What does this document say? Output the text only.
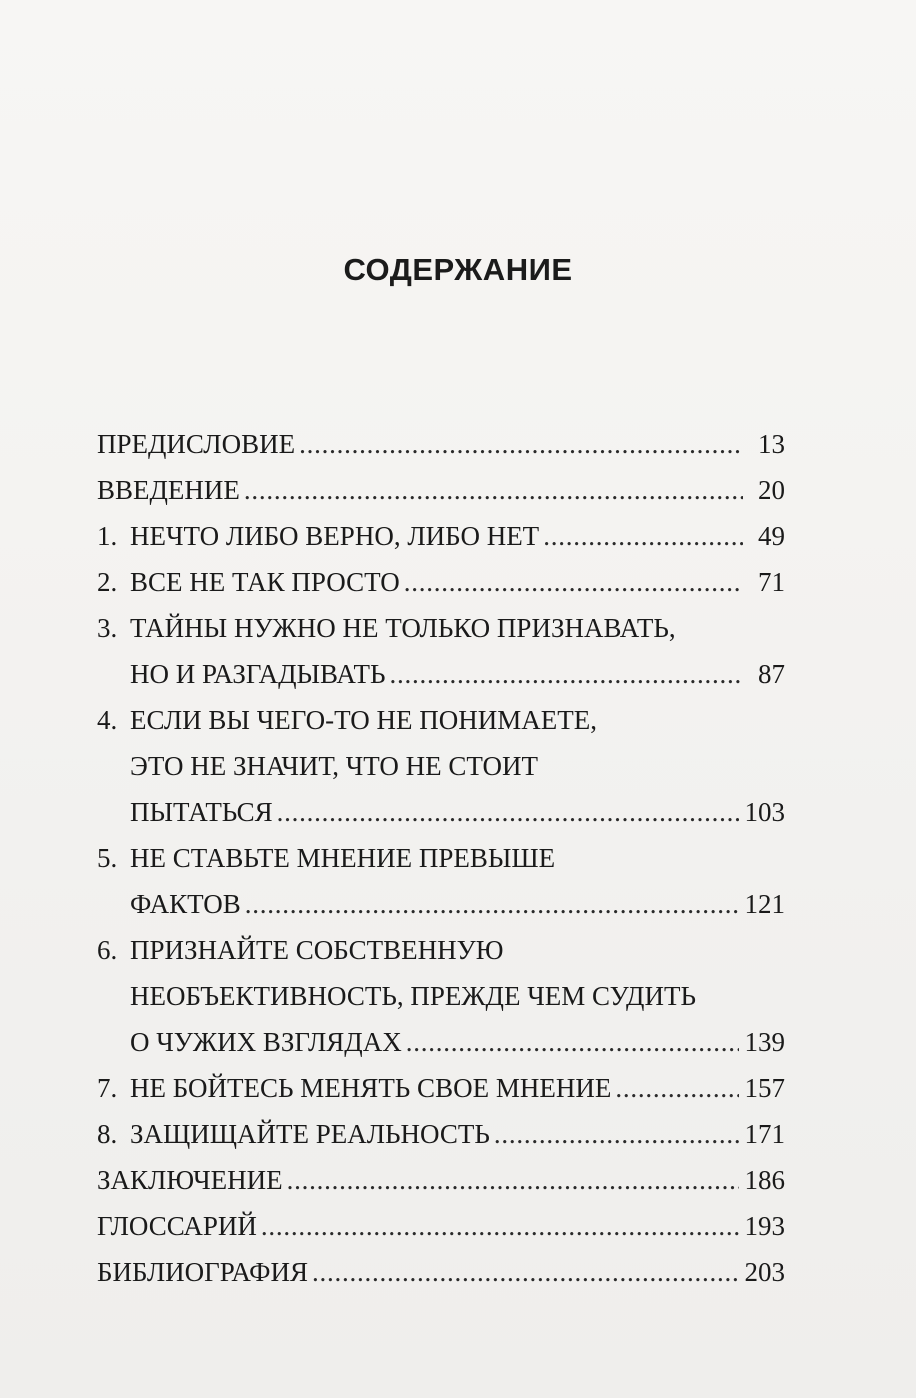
СОДЕРЖАНИЕ
ПРЕДИСЛОВИЕ . . .	13
ВВЕДЕНИЕ . . .	20
1. НЕЧТО ЛИБО ВЕРНО, ЛИБО НЕТ . . .	49
2. ВСЕ НЕ ТАК ПРОСТО . . .	71
3. ТАЙНЫ НУЖНО НЕ ТОЛЬКО ПРИЗНАВАТЬ,
НО И РАЗГАДЫВАТЬ . . .	87
4. ЕСЛИ ВЫ ЧЕГО-ТО НЕ ПОНИМАЕТЕ,
ЭТО НЕ ЗНАЧИТ, ЧТО НЕ СТОИТ
ПЫТАТЬСЯ . . .	103
5. НЕ СТАВЬТЕ МНЕНИЕ ПРЕВЫШЕ
ФАКТОВ . . .	121
6. ПРИЗНАЙТЕ СОБСТВЕННУЮ
НЕОБЪЕКТИВНОСТЬ, ПРЕЖДЕ ЧЕМ СУДИТЬ
О ЧУЖИХ ВЗГЛЯДАХ . . .	139
7. НЕ БОЙТЕСЬ МЕНЯТЬ СВОЕ МНЕНИЕ . . .	157
8. ЗАЩИЩАЙТЕ РЕАЛЬНОСТЬ . . .	171
ЗАКЛЮЧЕНИЕ . . .	186
ГЛОССАРИЙ . . .	193
БИБЛИОГРАФИЯ . . .	203
